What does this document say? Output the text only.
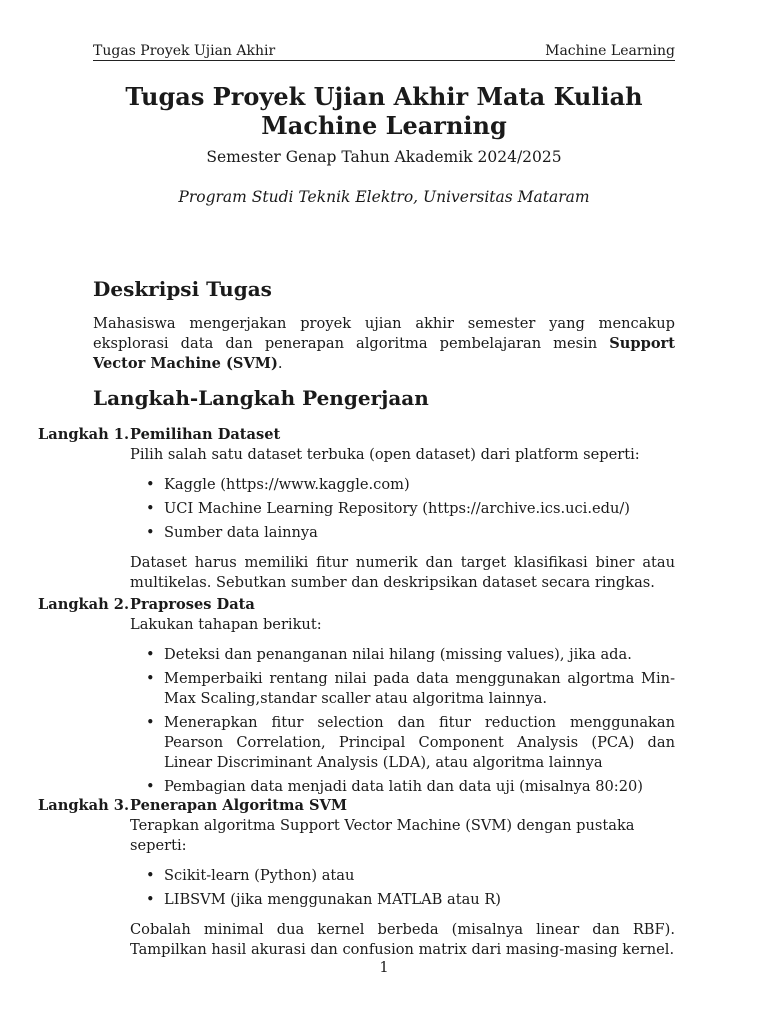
Tugas Proyek Ujian Akhir	Machine Learning
Tugas Proyek Ujian Akhir Mata Kuliah
Machine Learning
Semester Genap Tahun Akademik 2024/2025
Program Studi Teknik Elektro, Universitas Mataram
Deskripsi Tugas

Mahasiswa mengerjakan proyek ujian akhir semester yang mencakup eksplorasi data dan penerapan algoritma pembelajaran mesin Support Vector Machine (SVM).

Langkah-Langkah Pengerjaan
Langkah 1. Pemilihan Dataset

Pilih salah satu dataset terbuka (open dataset) dari platform seperti:

• Kaggle (https://www.kaggle.com)
• UCI Machine Learning Repository (https://archive.ics.uci.edu/)
• Sumber data lainnya

Dataset harus memiliki fitur numerik dan target klasifikasi biner atau multikelas. Sebutkan sumber dan deskripsikan dataset secara ringkas.

Langkah 2. Praproses Data

Lakukan tahapan berikut:

• Deteksi dan penanganan nilai hilang (missing values), jika ada.
• Memperbaiki rentang nilai pada data menggunakan algortma Min-Max Scaling,standar scaller atau algoritma lainnya.
• Menerapkan fitur selection dan fitur reduction menggunakan Pearson Correlation, Principal Component Analysis (PCA) dan Linear Discriminant Analysis (LDA), atau algoritma lainnya
• Pembagian data menjadi data latih dan data uji (misalnya 80:20)
Langkah 3. Penerapan Algoritma SVM

Terapkan algoritma Support Vector Machine (SVM) dengan pustaka seperti:

• Scikit-learn (Python) atau
• LIBSVM (jika menggunakan MATLAB atau R)

Cobalah minimal dua kernel berbeda (misalnya linear dan RBF). Tampilkan hasil akurasi dan confusion matrix dari masing-masing kernel.

1
